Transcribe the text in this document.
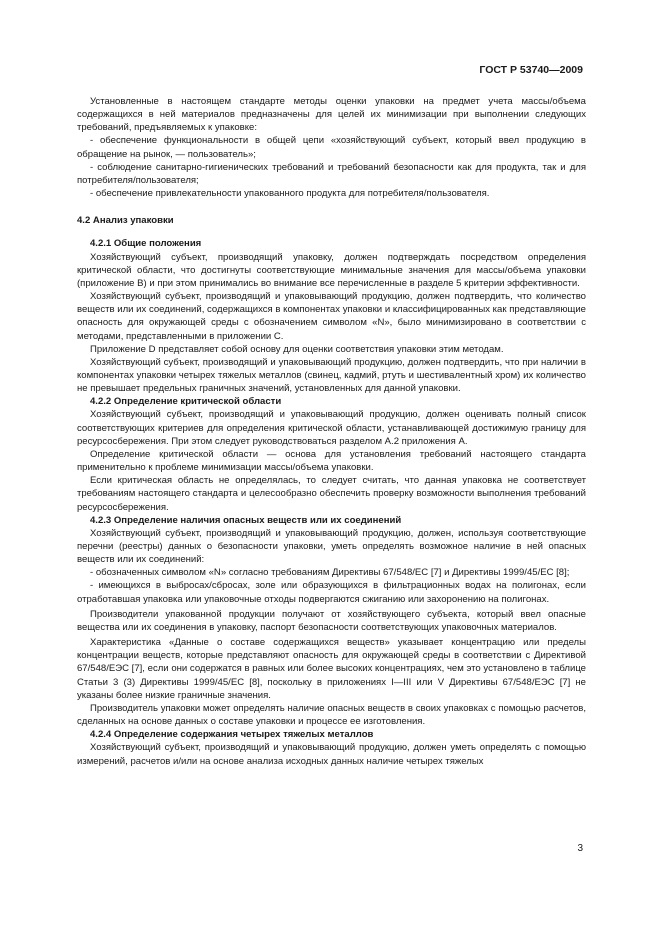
ГОСТ Р 53740—2009

Установленные в настоящем стандарте методы оценки упаковки на предмет учета массы/объема содержащихся в ней материалов предназначены для целей их минимизации при выполнении следующих требований, предъявляемых к упаковке:

- обеспечение функциональности в общей цепи «хозяйствующий субъект, который ввел продукцию в обращение на рынок, — пользователь»;

- соблюдение санитарно-гигиенических требований и требований безопасности как для продукта, так и для потребителя/пользователя;

- обеспечение привлекательности упакованного продукта для потребителя/пользователя.

4.2 Анализ упаковки
4.2.1 Общие положения

Хозяйствующий субъект, производящий упаковку, должен подтверждать посредством определения критической области, что достигнуты соответствующие минимальные значения для массы/объема упаковки (приложение B) и при этом принимались во внимание все перечисленные в разделе 5 критерии эффективности.

Хозяйствующий субъект, производящий и упаковывающий продукцию, должен подтвердить, что количество веществ или их соединений, содержащихся в компонентах упаковки и классифицированных как представляющие опасность для окружающей среды с обозначением символом «N», было минимизировано в соответствии с методами, представленными в приложении C.

Приложение D представляет собой основу для оценки соответствия упаковки этим методам.

Хозяйствующий субъект, производящий и упаковывающий продукцию, должен подтвердить, что при наличии в компонентах упаковки четырех тяжелых металлов (свинец, кадмий, ртуть и шестивалентный хром) их количество не превышает предельных граничных значений, установленных для данной упаковки.

4.2.2 Определение критической области

Хозяйствующий субъект, производящий и упаковывающий продукцию, должен оценивать полный список соответствующих критериев для определения критической области, устанавливающей достижимую границу для ресурсосбережения. При этом следует руководствоваться разделом A.2 приложения А.

Определение критической области — основа для установления требований настоящего стандарта применительно к проблеме минимизации массы/объема упаковки.

Если критическая область не определялась, то следует считать, что данная упаковка не соответствует требованиям настоящего стандарта и целесообразно обеспечить проверку возможности выполнения требований ресурсосбережения.

4.2.3 Определение наличия опасных веществ или их соединений

Хозяйствующий субъект, производящий и упаковывающий продукцию, должен, используя соответствующие перечни (реестры) данных о безопасности упаковки, уметь определять возможное наличие в ней опасных веществ или их соединений:

- обозначенных символом «N» согласно требованиям Директивы 67/548/ЕС [7] и Директивы 1999/45/ЕС [8];

- имеющихся в выбросах/сбросах, золе или образующихся в фильтрационных водах на полигонах, если отработавшая упаковка или упаковочные отходы подвергаются сжиганию или захоронению на полигонах.

Производители упакованной продукции получают от хозяйствующего субъекта, который ввел опасные вещества или их соединения в упаковку, паспорт безопасности соответствующих упаковочных материалов.

Характеристика «Данные о составе содержащихся веществ» указывает концентрацию или пределы концентрации веществ, которые представляют опасность для окружающей среды в соответствии с Директивой 67/548/ЕЭС [7], если они содержатся в равных или более высоких концентрациях, чем это установлено в таблице Статьи 3 (3) Директивы 1999/45/ЕС [8], поскольку в приложениях I—III или V Директивы 67/548/ЕЭС [7] не указаны более низкие граничные значения.

Производитель упаковки может определять наличие опасных веществ в своих упаковках с помощью расчетов, сделанных на основе данных о составе упаковки и процессе ее изготовления.

4.2.4 Определение содержания четырех тяжелых металлов

Хозяйствующий субъект, производящий и упаковывающий продукцию, должен уметь определять с помощью измерений, расчетов и/или на основе анализа исходных данных наличие четырех тяжелых

3
